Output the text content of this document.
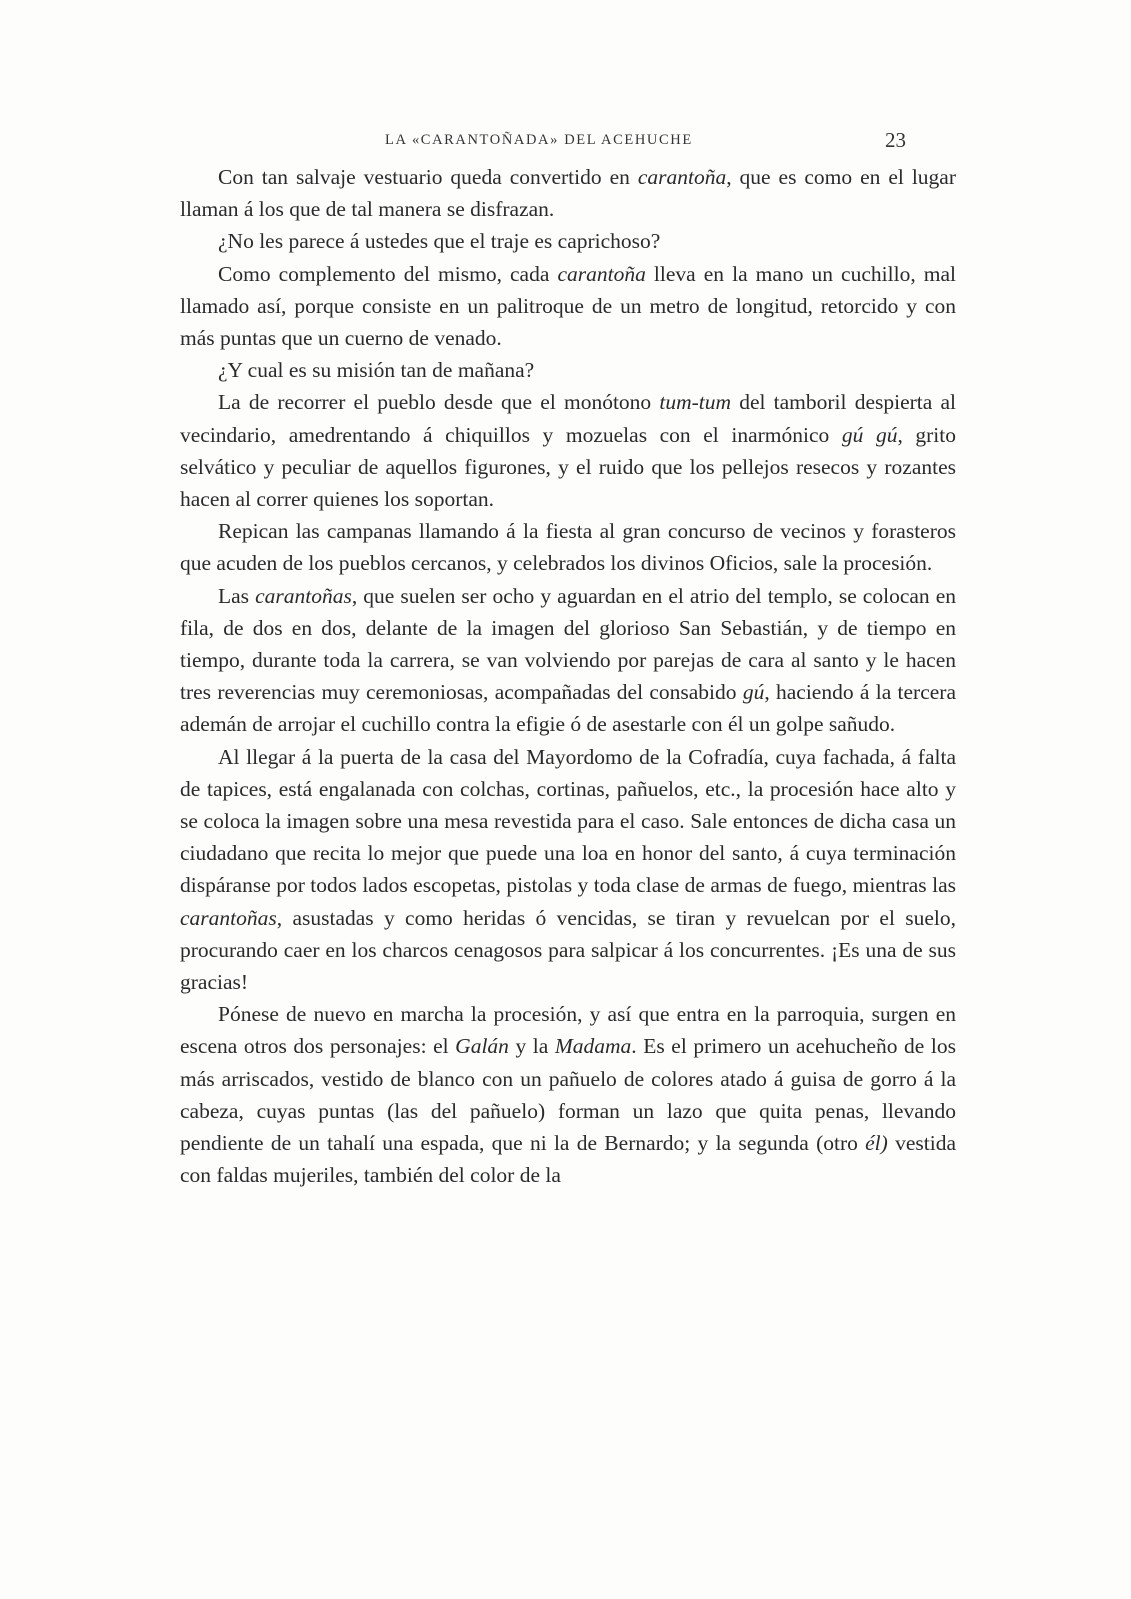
LA «CARANTOÑADA» DEL ACEHUCHE	23

Con tan salvaje vestuario queda convertido en carantoña, que es como en el lugar llaman á los que de tal manera se disfrazan.

¿No les parece á ustedes que el traje es caprichoso?

Como complemento del mismo, cada carantoña lleva en la mano un cuchillo, mal llamado así, porque consiste en un palitroque de un metro de longitud, retorcido y con más puntas que un cuerno de venado.

¿Y cual es su misión tan de mañana?

La de recorrer el pueblo desde que el monótono tum-tum del tamboril despierta al vecindario, amedrentando á chiquillos y mozuelas con el inarmónico gú gú, grito selvático y peculiar de aquellos figurones, y el ruido que los pellejos resecos y rozantes hacen al correr quienes los soportan.

Repican las campanas llamando á la fiesta al gran concurso de vecinos y forasteros que acuden de los pueblos cercanos, y celebrados los divinos Oficios, sale la procesión.

Las carantoñas, que suelen ser ocho y aguardan en el atrio del templo, se colocan en fila, de dos en dos, delante de la imagen del glorioso San Sebastián, y de tiempo en tiempo, durante toda la carrera, se van volviendo por parejas de cara al santo y le hacen tres reverencias muy ceremoniosas, acompañadas del consabido gú, haciendo á la tercera ademán de arrojar el cuchillo contra la efigie ó de asestarle con él un golpe sañudo.

Al llegar á la puerta de la casa del Mayordomo de la Cofradía, cuya fachada, á falta de tapices, está engalanada con colchas, cortinas, pañuelos, etc., la procesión hace alto y se coloca la imagen sobre una mesa revestida para el caso. Sale entonces de dicha casa un ciudadano que recita lo mejor que puede una loa en honor del santo, á cuya terminación dispáranse por todos lados escopetas, pistolas y toda clase de armas de fuego, mientras las carantoñas, asustadas y como heridas ó vencidas, se tiran y revuelcan por el suelo, procurando caer en los charcos cenagosos para salpicar á los concurrentes. ¡Es una de sus gracias!

Pónese de nuevo en marcha la procesión, y así que entra en la parroquia, surgen en escena otros dos personajes: el Galán y la Madama. Es el primero un acehucheño de los más arriscados, vestido de blanco con un pañuelo de colores atado á guisa de gorro á la cabeza, cuyas puntas (las del pañuelo) forman un lazo que quita penas, llevando pendiente de un tahalí una espada, que ni la de Bernardo; y la segunda (otro él) vestida con faldas mujeriles, también del color de la
